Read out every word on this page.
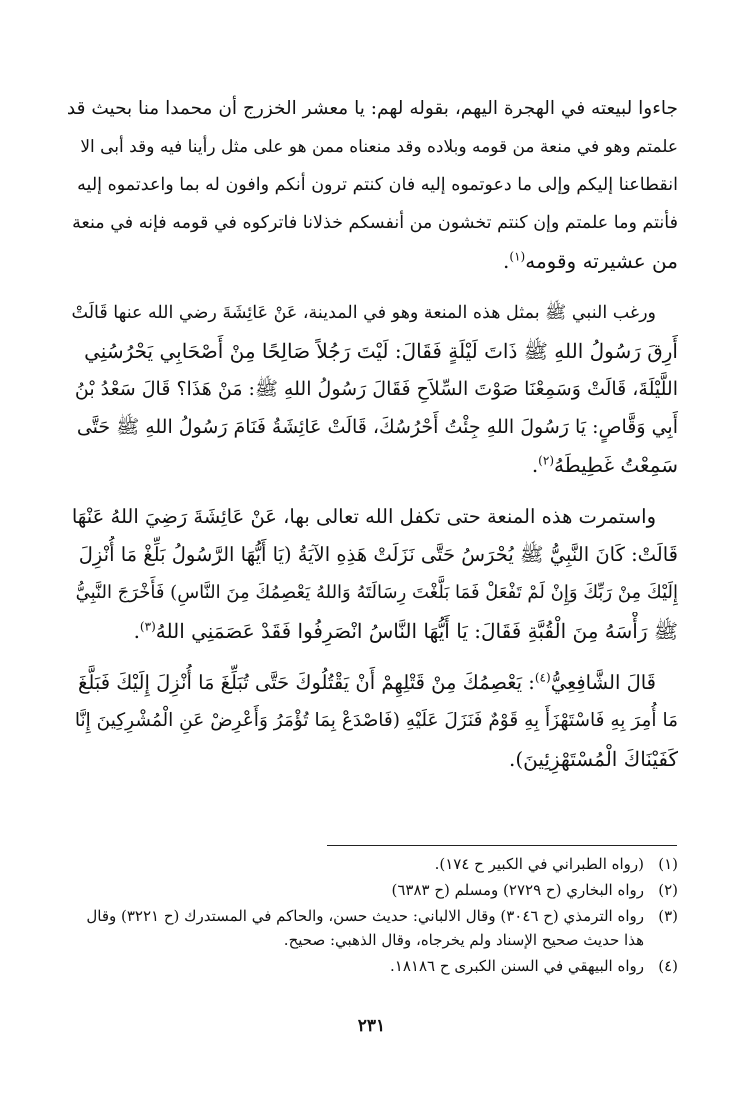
جاءوا لبيعته في الهجرة اليهم، بقوله لهم: يا معشر الخزرج أن محمدا منا بحيث قد
علمتم وهو في منعة من قومه وبلاده وقد منعناه ممن هو على مثل رأينا فيه وقد أبى الا
انقطاعنا إليكم وإلى ما دعوتموه إليه فان كنتم ترون أنكم وافون له بما واعدتموه إليه
فأنتم وما علمتم وإن كنتم تخشون من أنفسكم خذلانا فاتركوه في قومه فإنه في منعة
من عشيرته وقومه$^{(١)}$.
ورغب النبي ﷺ بمثل هذه المنعة وهو في المدينة، عَنْ عَائِشَةَ رضي الله عنها قَالَتْ
أَرِقَ رَسُولُ اللهِ ﷺ ذَاتَ لَيْلَةٍ فَقَالَ: لَيْتَ رَجُلاً صَالِحًا مِنْ أَصْحَابِي يَحْرُسُنِي
اللَّيْلَةَ، قَالَتْ وَسَمِعْنَا صَوْتَ السِّلاَحِ فَقَالَ رَسُولُ اللهِ ﷺ: مَنْ هَذَا؟ قَالَ سَعْدُ بْنُ
أَبِي وَقَّاصٍ: يَا رَسُولَ اللهِ جِئْتُ أَحْرُسُكَ، قَالَتْ عَائِشَةُ فَنَامَ رَسُولُ اللهِ ﷺ حَتَّى
سَمِعْتُ غَطِيطَهُ$^{(٢)}$.
واستمرت هذه المنعة حتى تكفل الله تعالى بها، عَنْ عَائِشَةَ رَضِيَ اللهُ عَنْهَا
قَالَتْ: كَانَ النَّبِيُّ ﷺ يُحْرَسُ حَتَّى نَزَلَتْ هَذِهِ الآيَةُ (يَا أَيُّهَا الرَّسُولُ بَلِّغْ مَا أُنْزِلَ
إِلَيْكَ مِنْ رَبِّكَ وَإِنْ لَمْ تَفْعَلْ فَمَا بَلَّغْتَ رِسَالَتَهُ وَاللهُ يَعْصِمُكَ مِنَ النَّاسِ) فَأَخْرَجَ النَّبِيُّ
ﷺ رَأْسَهُ مِنَ الْقُبَّةِ فَقَالَ: يَا أَيُّهَا النَّاسُ انْصَرِفُوا فَقَدْ عَصَمَنِي اللهُ$^{(٣)}$.
قَالَ الشَّافِعِيُّ$^{(٤)}$: يَعْصِمُكَ مِنْ قَتْلِهِمْ أَنْ يَقْتُلُوكَ حَتَّى تُبَلِّغَ مَا أُنْزِلَ إِلَيْكَ فَبَلَّغَ
مَا أُمِرَ بِهِ فَاسْتَهْزَأَ بِهِ قَوْمٌ فَنَزَلَ عَلَيْهِ (فَاصْدَعْ بِمَا تُؤْمَرُ وَأَعْرِضْ عَنِ الْمُشْرِكِينَ إِنَّا
كَفَيْنَاكَ الْمُسْتَهْزِئِينَ).
(١)
(رواه الطبراني في الكبير ح ١٧٤).
(٢)
رواه البخاري (ح ٢٧٢٩) ومسلم (ح ٦٣٨٣)
(٣)
رواه الترمذي (ح ٣٠٤٦) وقال الالباني: حديث حسن، والحاكم في المستدرك (ح ٣٢٢١) وقال
هذا حديث صحيح الإسناد ولم يخرجاه، وقال الذهبي: صحيح.
(٤)
رواه البيهقي في السنن الكبرى ح ١٨١٨٦.
٢٣١
